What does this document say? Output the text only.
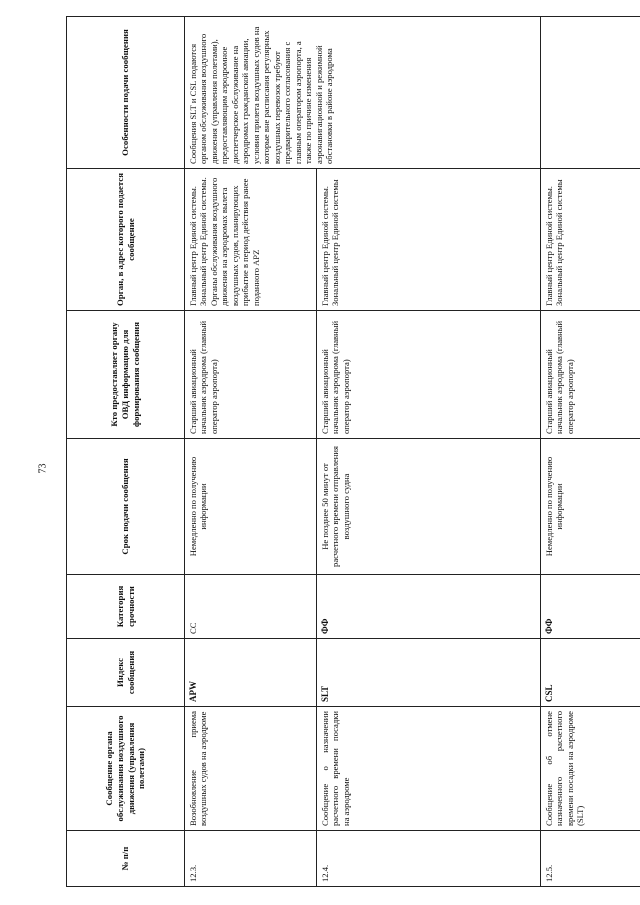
73
№ п/п	Сообщение органа обслуживания воздушного движения (управления полетами)	Индекс сообщения	Категория срочности	Срок подачи сообщения	Кто предоставляет органу ОВД информацию для формирования сообщения	Орган, в адрес которого подается сообщение	Особенности подачи сообщения
12.3.	Возобновление приема воздушных судов на аэродроме	APW	СС	Немедленно по получению информации	Старший авиационный начальник аэродрома (главный оператор аэропорта)	Главный центр Единой системы. Зональный центр Единой системы. Органы обслуживания воздушного движения на аэродромах вылета воздушных судов, планирующих прибытие в период действия ранее поданного APZ	Сообщения SLT и CSL подаются органом обслуживания воздушного движения (управления полетами), предоставляющим аэродромное диспетчерское обслуживание на аэродромах гражданской авиации, условия прилета воздушных судов на которые вне расписания регулярных воздушных перевозок требуют предварительного согласования с главным оператором аэропорта, а также по причине изменения аэронавигационной и режимной обстановки в районе аэродрома
12.4.	Сообщение о назначении расчетного времени посадки на аэродроме	SLT	ФФ	Не позднее 50 минут от расчетного времени отправления воздушного судна	Старший авиационный начальник аэродрома (главный оператор аэропорта)	Главный центр Единой системы. Зональный центр Единой системы	
12.5.	Сообщение об отмене назначенного расчетного времени посадки на аэродроме (SLT)	CSL	ФФ	Немедленно по получению информации	Старший авиационный начальник аэродрома (главный оператор аэропорта)	Главный центр Единой системы. Зональный центр Единой системы	
